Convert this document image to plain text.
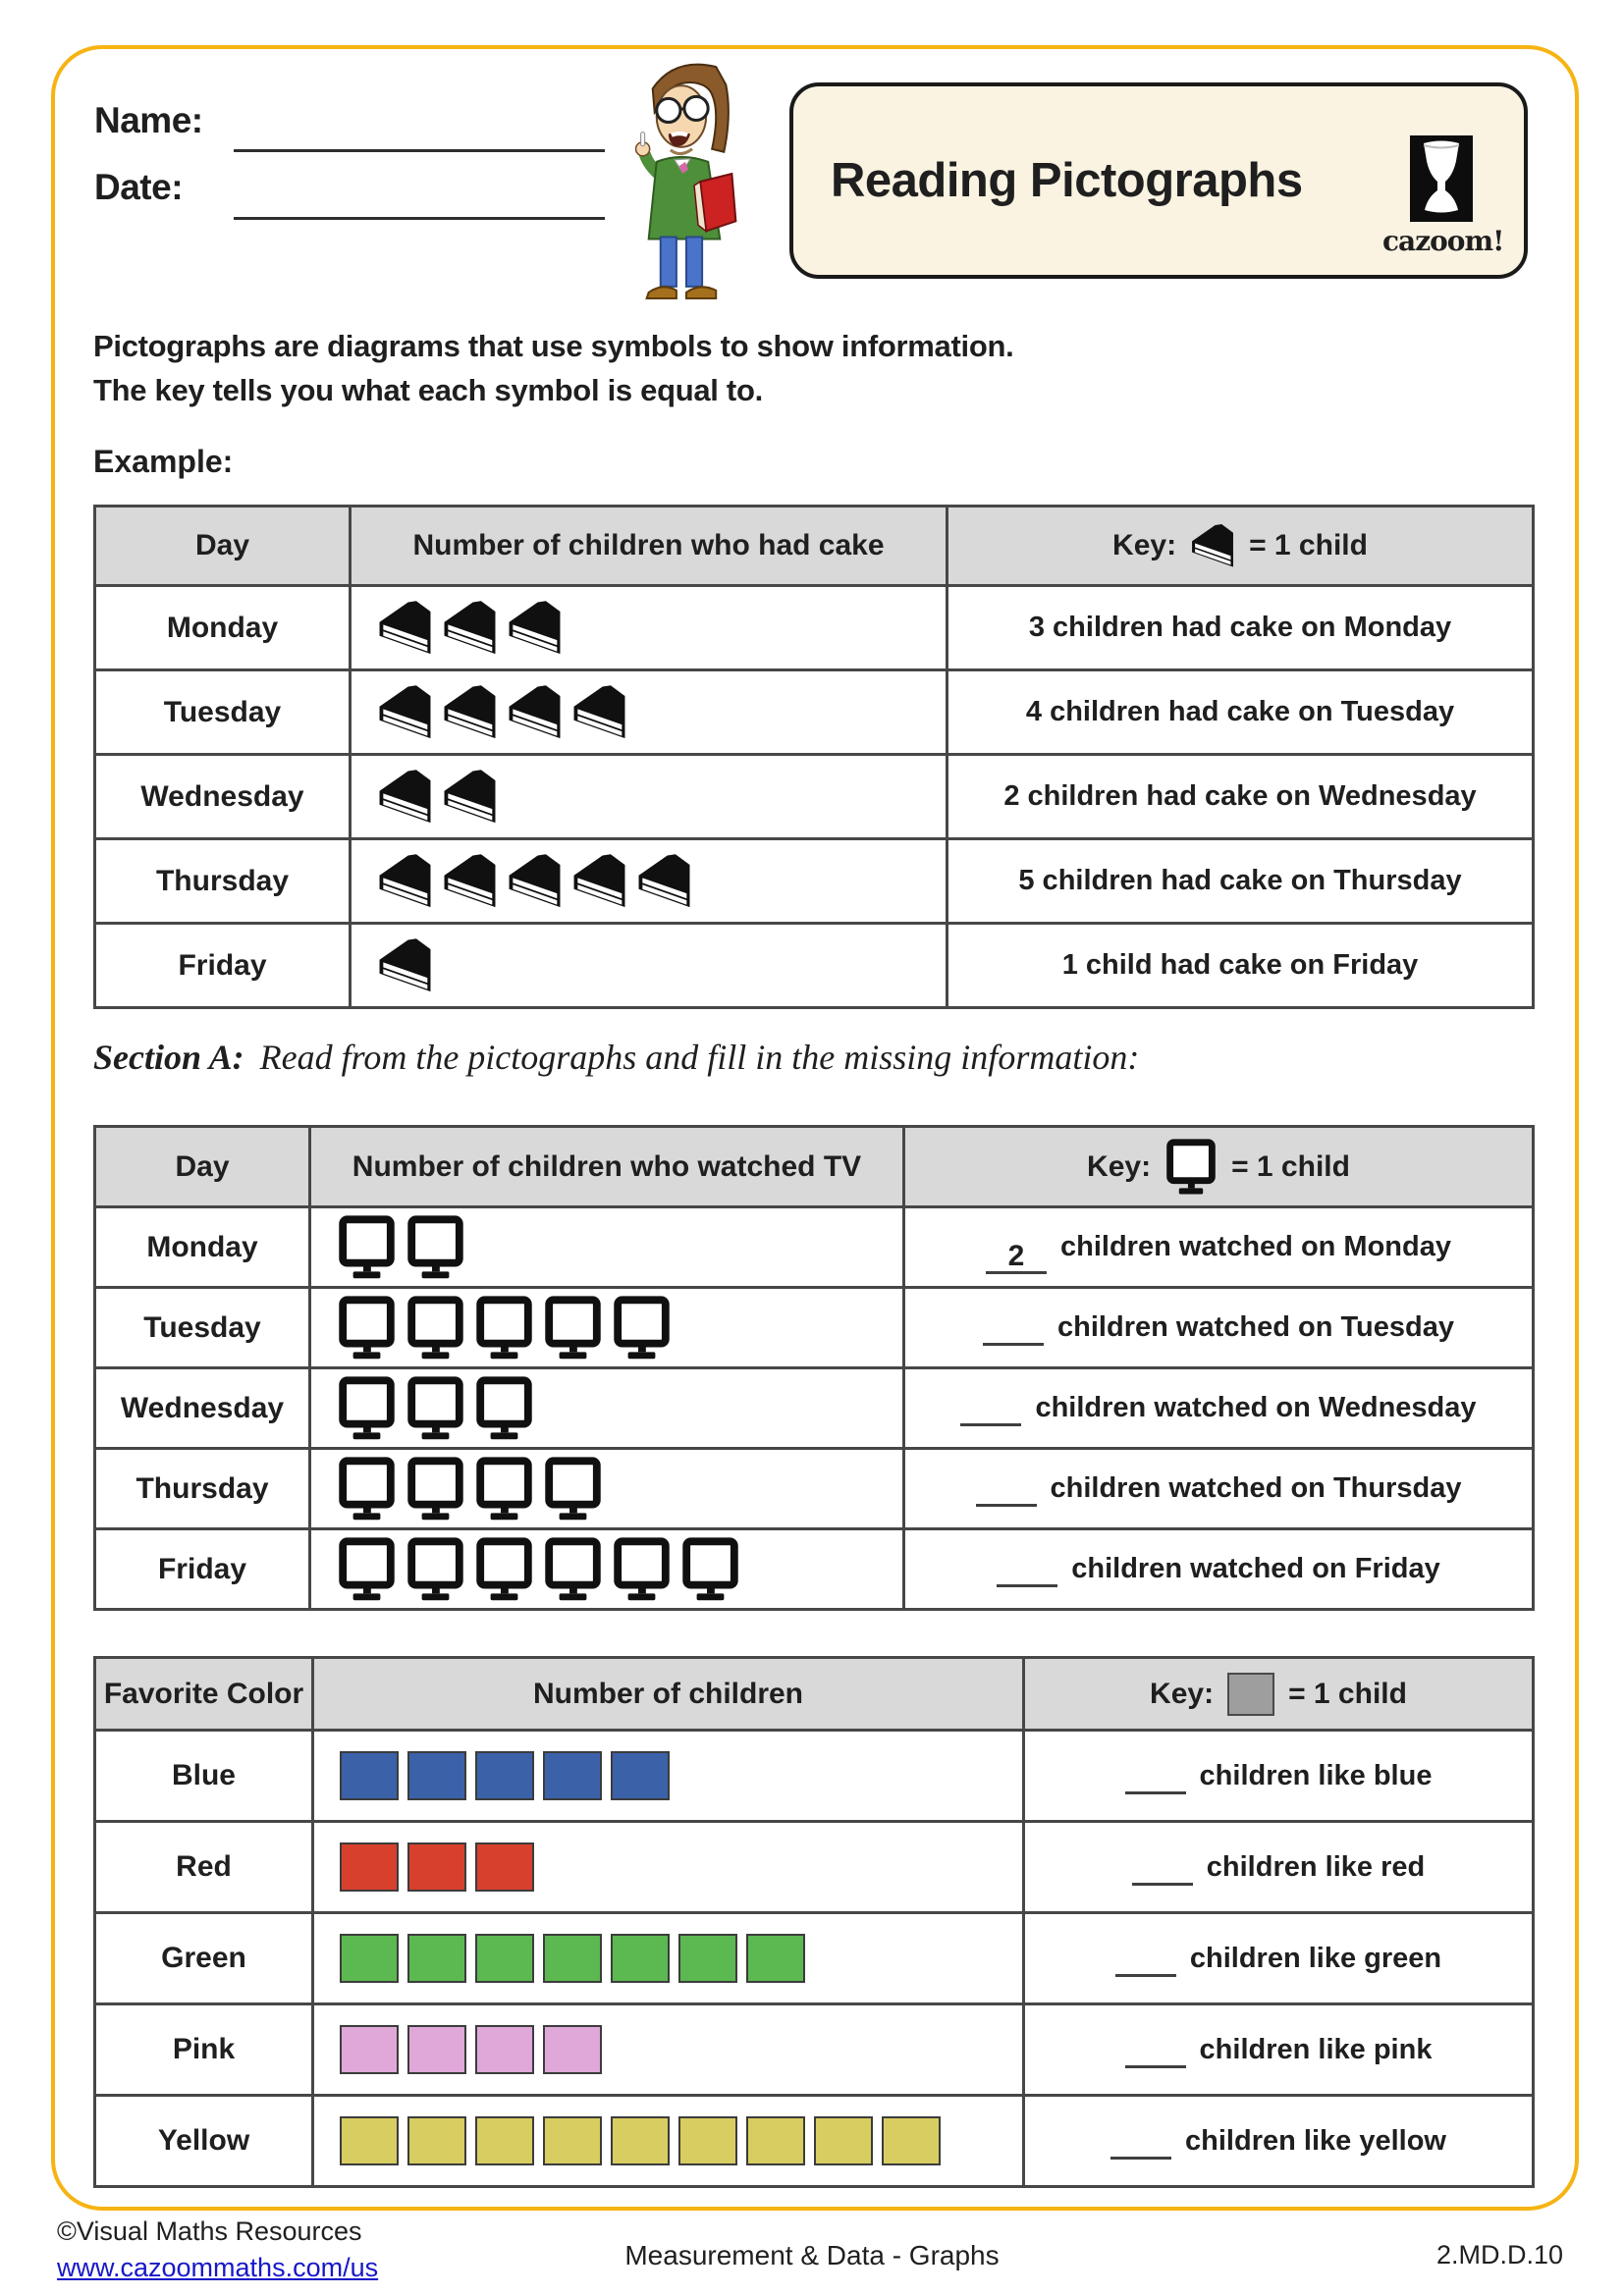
Name:
Date:	Reading Pictographs
cazoom!
Pictographs are diagrams that use symbols to show information.
The key tells you what each symbol is equal to.
Example:
Day	Number of children who had cake	Key: = 1 child

Monday		3 children had cake on Monday
Tuesday		4 children had cake on Tuesday
Wednesday		2 children had cake on Wednesday
Thursday		5 children had cake on Thursday
Friday		1 child had cake on Friday
Section A: Read from the pictographs and fill in the missing information:
Day	Number of children who watched TV	Key: = 1 child

Monday		2 children watched on Monday

Tuesday		children watched on Tuesday

Wednesday		children watched on Wednesday

Thursday		children watched on Thursday

Friday		children watched on Friday
Favorite Color	Number of children	Key: = 1 child

Blue		children like blue

Red		children like red

Green		children like green

Pink		children like pink

Yellow		children like yellow
©Visual Maths Resources
www.cazoommaths.com/us	Measurement & Data - Graphs	2.MD.D.10
